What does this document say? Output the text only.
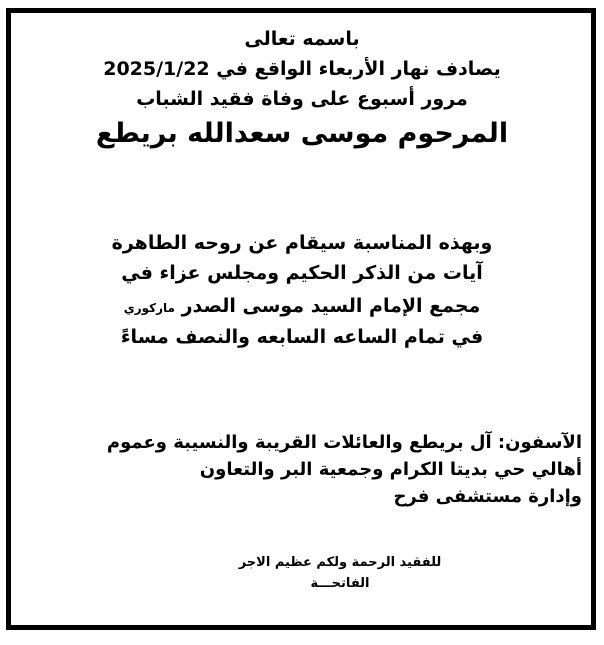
باسمه تعالى
يصادف نهار الأربعاء الواقع في 2025/1/22
مرور أسبوع على وفاة فقيد الشباب
المرحوم موسى سعدالله بريطع
وبهذه المناسبة سيقام عن روحه الطاهرة
آيات من الذكر الحكيم ومجلس عزاء في
مجمع الإمام السيد موسى الصدر ماركوري
في تمام الساعه السابعه والنصف مساءً
الآسفون: آل بريطع والعائلات القريبة والنسيبة وعموم
أهالي حي بديتا الكرام وجمعية البر والتعاون
وإدارة مستشفى فرح
للفقيد الرحمة ولكم عظيم الاجر
الفاتحـــة
